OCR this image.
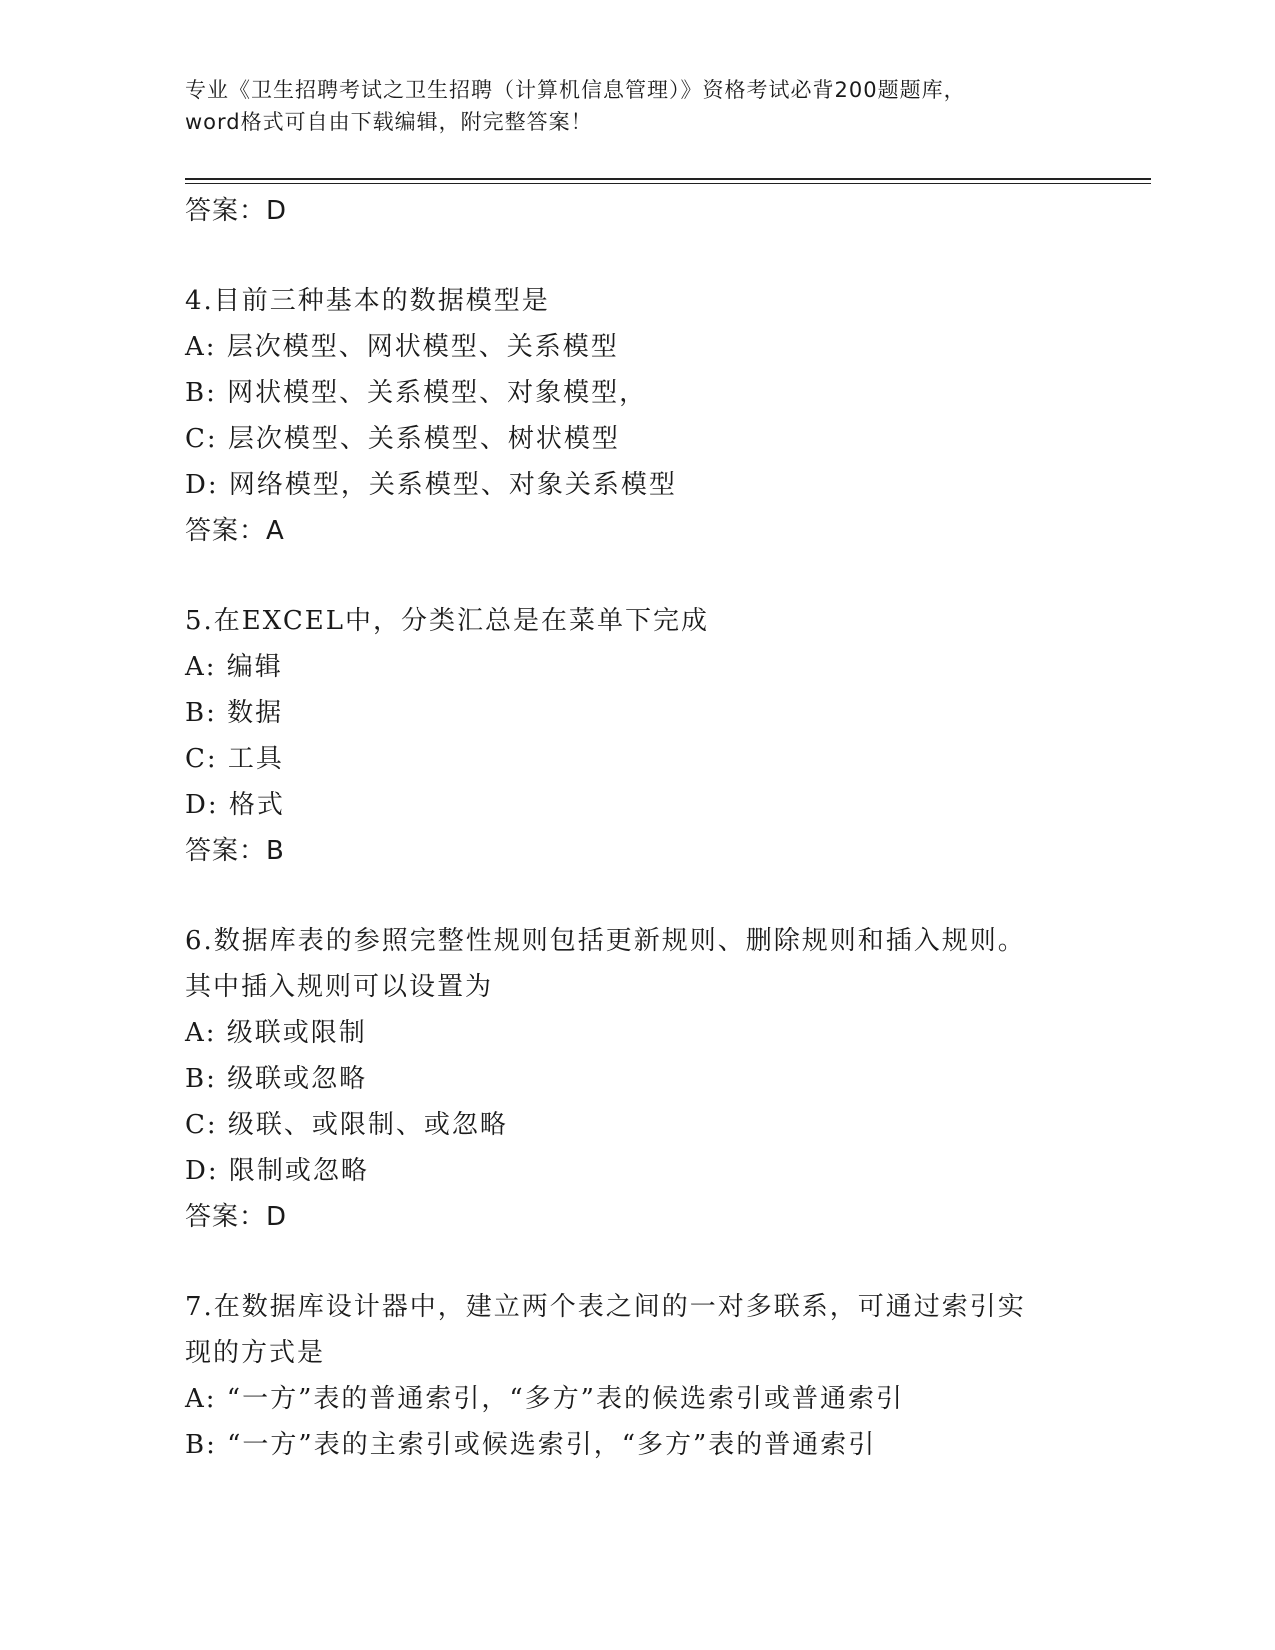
专业《卫生招聘考试之卫生招聘（计算机信息管理）》资格考试必背200题题库，
word格式可自由下载编辑，附完整答案！
答案：D
4.目前三种基本的数据模型是
A: 层次模型、网状模型、关系模型
B: 网状模型、关系模型、对象模型，
C: 层次模型、关系模型、树状模型
D: 网络模型，关系模型、对象关系模型
答案：A
5.在EXCEL中，分类汇总是在菜单下完成
A: 编辑
B: 数据
C: 工具
D: 格式
答案：B
6.数据库表的参照完整性规则包括更新规则、删除规则和插入规则。
其中插入规则可以设置为
A: 级联或限制
B: 级联或忽略
C: 级联、或限制、或忽略
D: 限制或忽略
答案：D
7.在数据库设计器中，建立两个表之间的一对多联系，可通过索引实
现的方式是
A: “一方”表的普通索引，“多方”表的候选索引或普通索引
B: “一方”表的主索引或候选索引，“多方”表的普通索引
